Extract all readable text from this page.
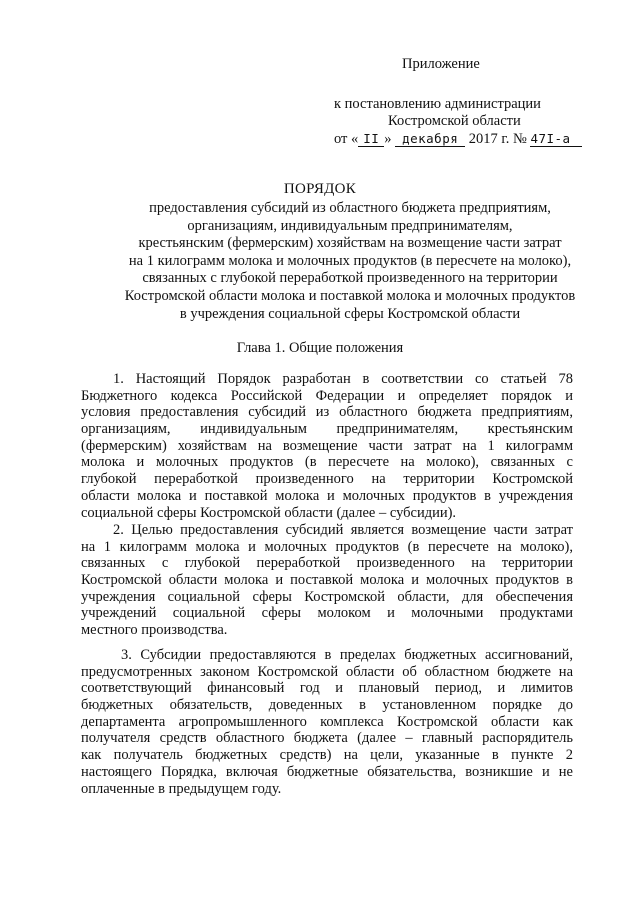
Приложение
к постановлению администрации
Костромской области
от « II » декабря 2017 г. № 47I-а
ПОРЯДОК
предоставления субсидий из областного бюджета предприятиям,
организациям, индивидуальным предпринимателям,
крестьянским (фермерским) хозяйствам на возмещение части затрат
на 1 килограмм молока и молочных продуктов (в пересчете на молоко),
связанных с глубокой переработкой произведенного на территории
Костромской области молока и поставкой молока и молочных продуктов
в учреждения социальной сферы Костромской области
Глава 1. Общие положения
1. Настоящий Порядок разработан в соответствии со статьей 78
Бюджетного кодекса Российской Федерации и определяет порядок и
условия предоставления субсидий из областного бюджета предприятиям,
организациям, индивидуальным предпринимателям, крестьянским
(фермерским) хозяйствам на возмещение части затрат на 1 килограмм
молока и молочных продуктов (в пересчете на молоко), связанных с
глубокой переработкой произведенного на территории Костромской
области молока и поставкой молока и молочных продуктов в учреждения
социальной сферы Костромской области (далее – субсидии).
2. Целью предоставления субсидий является возмещение части затрат
на 1 килограмм молока и молочных продуктов (в пересчете на молоко),
связанных с глубокой переработкой произведенного на территории
Костромской области молока и поставкой молока и молочных продуктов в
учреждения социальной сферы Костромской области, для обеспечения
учреждений социальной сферы молоком и молочными продуктами
местного производства.
3. Субсидии предоставляются в пределах бюджетных ассигнований,
предусмотренных законом Костромской области об областном бюджете на
соответствующий финансовый год и плановый период, и лимитов
бюджетных обязательств, доведенных в установленном порядке до
департамента агропромышленного комплекса Костромской области как
получателя средств областного бюджета (далее – главный распорядитель
как получатель бюджетных средств) на цели, указанные в пункте 2
настоящего Порядка, включая бюджетные обязательства, возникшие и не
оплаченные в предыдущем году.
